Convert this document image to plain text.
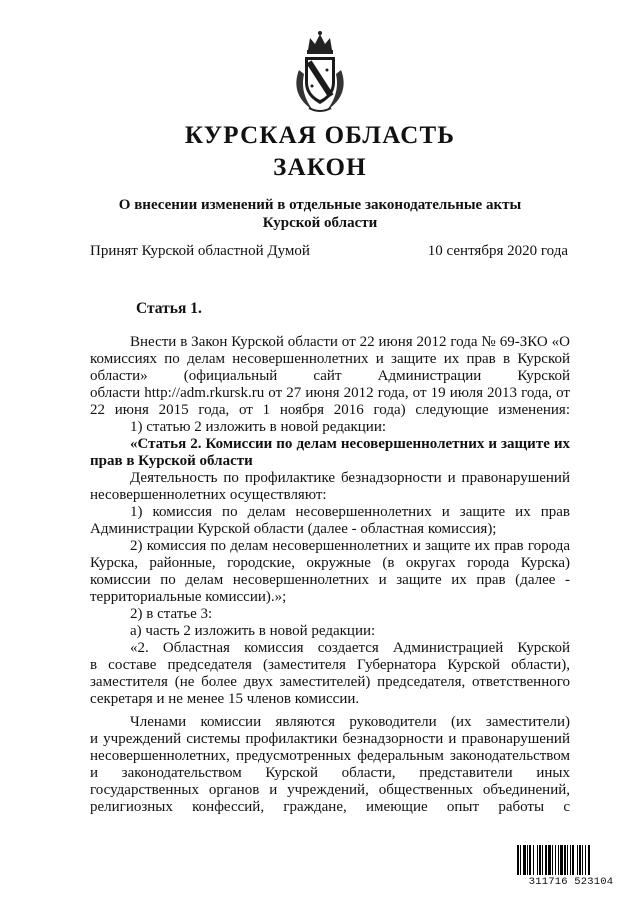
КУРСКАЯ ОБЛАСТЬ
ЗАКОН
О внесении изменений в отдельные законодательные акты
Курской области
Принят Курской областной Думой	10 сентября 2020 года
Статья 1.
Внести в Закон Курской области от 22 июня 2012 года № 69-ЗКО «О
комиссиях по делам несовершеннолетних и защите их прав в Курской
области» (официальный сайт Администрации Курской
области http://adm.rkursk.ru от 27 июня 2012 года, от 19 июля 2013 года, от
22 июня 2015 года, от 1 ноября 2016 года) следующие изменения:
1) статью 2 изложить в новой редакции:
«Статья 2. Комиссии по делам несовершеннолетних и защите их
прав в Курской области
Деятельность по профилактике безнадзорности и правонарушений
несовершеннолетних осуществляют:
1) комиссия по делам несовершеннолетних и защите их прав
Администрации Курской области (далее - областная комиссия);
2) комиссия по делам несовершеннолетних и защите их прав города
Курска, районные, городские, окружные (в округах города Курска)
комиссии по делам несовершеннолетних и защите их прав (далее -
территориальные комиссии).»;
2) в статье 3:
а) часть 2 изложить в новой редакции:
«2. Областная комиссия создается Администрацией Курской
в составе председателя (заместителя Губернатора Курской области),
заместителя (не более двух заместителей) председателя, ответственного
секретаря и не менее 15 членов комиссии.
Членами комиссии являются руководители (их заместители)
и учреждений системы профилактики безнадзорности и правонарушений
несовершеннолетних, предусмотренных федеральным законодательством
и законодательством Курской области, представители иных
государственных органов и учреждений, общественных объединений,
религиозных конфессий, граждане, имеющие опыт работы с
311716 523104
